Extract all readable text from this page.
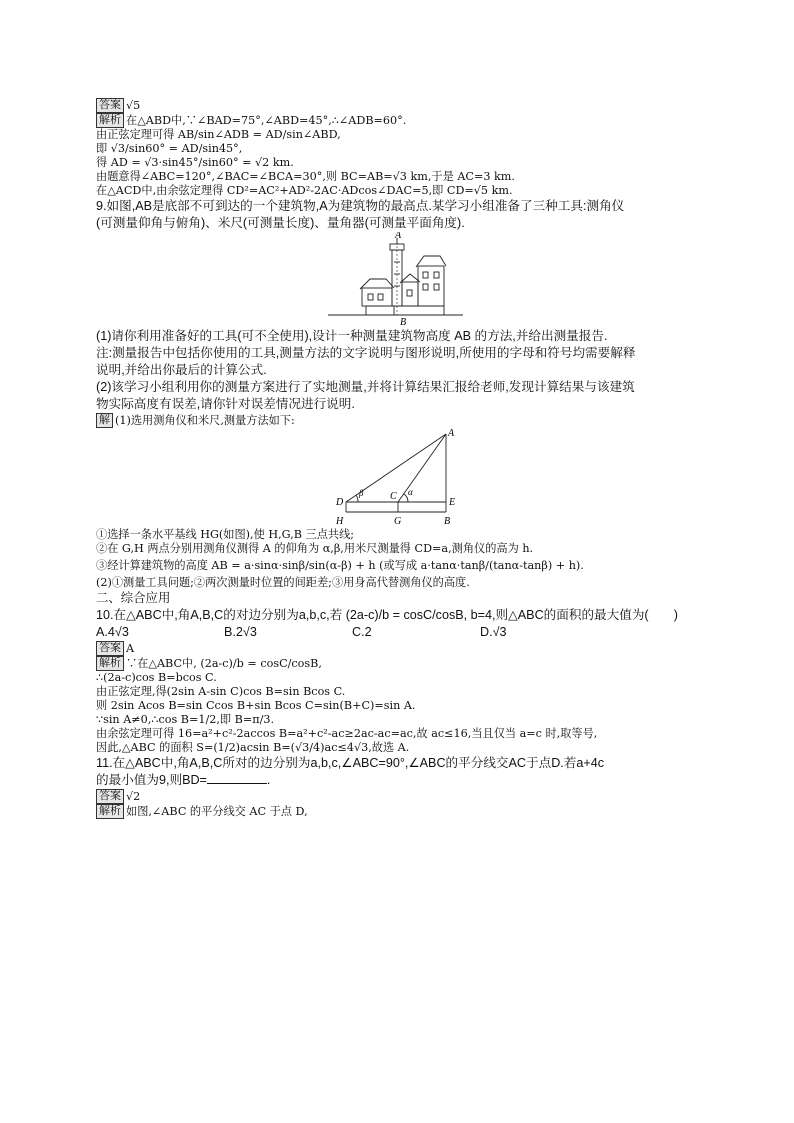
答案 √5
解析 在△ABD中,∵∠BAD=75°,∠ABD=45°,∴∠ADB=60°.
由正弦定理可得 AB/sin∠ADB = AD/sin∠ABD,
即 √3/sin60° = AD/sin45°,
得 AD = √3·sin45°/sin60° = √2 km.
由题意得∠ABC=120°,∠BAC=∠BCA=30°,则 BC=AB=√3 km,于是 AC=3 km.
在△ACD中,由余弦定理得 CD²=AC²+AD²-2AC·ADcos∠DAC=5,即 CD=√5 km.
9.如图,AB是底部不可到达的一个建筑物,A为建筑物的最高点.某学习小组准备了三种工具:测角仪
(可测量仰角与俯角)、米尺(可测量长度)、量角器(可测量平面角度).
A
B
(1)请你利用准备好的工具(可不全使用),设计一种测量建筑物高度 AB 的方法,并给出测量报告.
注:测量报告中包括你使用的工具,测量方法的文字说明与图形说明,所使用的字母和符号均需要解释
说明,并给出你最后的计算公式.
(2)该学习小组利用你的测量方案进行了实地测量,并将计算结果汇报给老师,发现计算结果与该建筑
物实际高度有误差,请你针对误差情况进行说明.
解 (1)选用测角仪和米尺,测量方法如下:
A
D
C
E
H	G	B
β	α
①选择一条水平基线 HG(如图),使 H,G,B 三点共线;
②在 G,H 两点分别用测角仪测得 A 的仰角为 α,β,用米尺测量得 CD=a,测角仪的高为 h.
③经计算建筑物的高度 AB = a·sinα·sinβ/sin(α-β) + h (或写成 a·tanα·tanβ/(tanα-tanβ) + h).
(2)①测量工具问题;②两次测量时位置的间距差;③用身高代替测角仪的高度.
二、综合应用
10.在△ABC中,角A,B,C的对边分别为a,b,c,若 (2a-c)/b = cosC/cosB, b=4,则△ABC的面积的最大值为(　　)
A.4√3	B.2√3	C.2	D.√3
答案 A
解析 ∵在△ABC中, (2a-c)/b = cosC/cosB,
∴(2a-c)cos B=bcos C.
由正弦定理,得(2sin A-sin C)cos B=sin Bcos C.
则 2sin Acos B=sin Ccos B+sin Bcos C=sin(B+C)=sin A.
∵sin A≠0,∴cos B=1/2,即 B=π/3.
由余弦定理可得 16=a²+c²-2accos B=a²+c²-ac≥2ac-ac=ac,故 ac≤16,当且仅当 a=c 时,取等号,
因此,△ABC 的面积 S=(1/2)acsin B=(√3/4)ac≤4√3,故选 A.
11.在△ABC中,角A,B,C所对的边分别为a,b,c,∠ABC=90°,∠ABC的平分线交AC于点D.若a+4c
的最小值为9,则BD=	.
答案 √2
解析 如图,∠ABC 的平分线交 AC 于点 D,
